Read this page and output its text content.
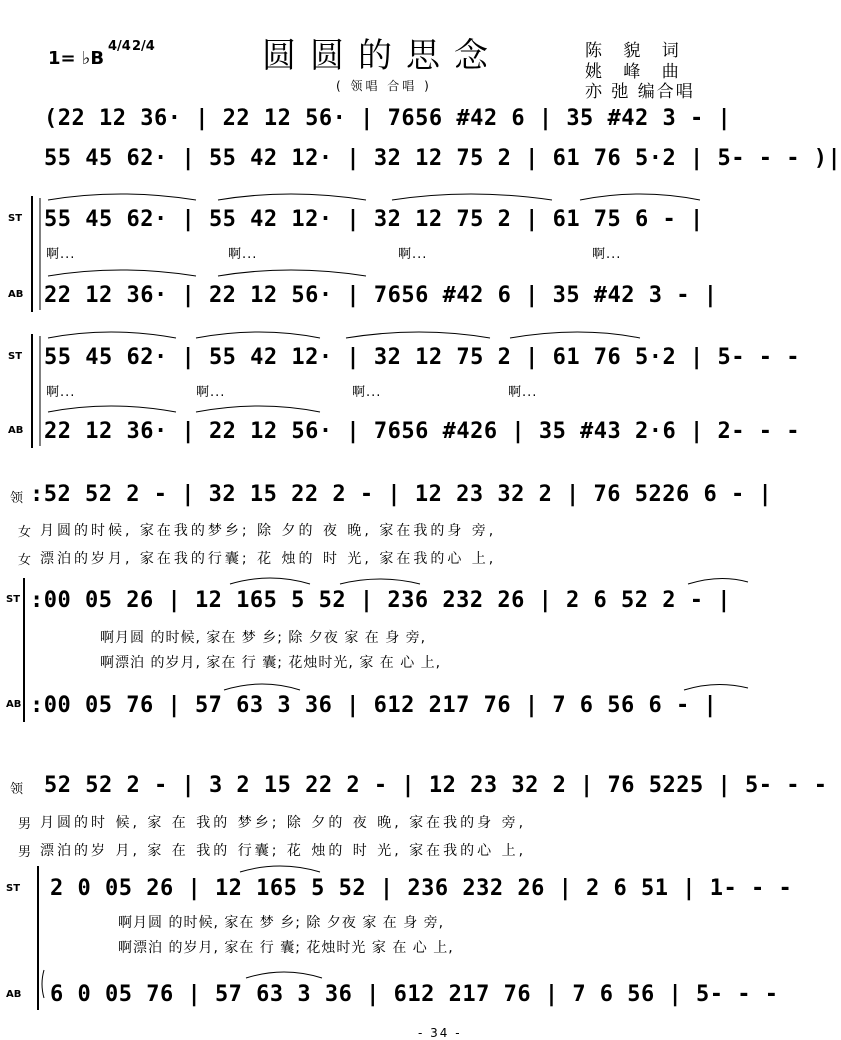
1= ♭B
4/4 2/4	圆圆的思念
( 领唱 合唱 )
陈 貌 词
姚 峰 曲
亦 弛 编合唱
(22 12 36· | 22 12 56· | 7656 #42 6 | 35 #42 3 - |
55 45 62· | 55 42 12· | 32 12 75 2 | 61 76 5·2 | 5- - - )|
ST 55 45 62· | 55 42 12· | 32 12 75 2 | 61 75 6 - |
啊...	啊...	啊...	啊...
AB 22 12 36· | 22 12 56· | 7656 #42 6 | 35 #42 3 - |
ST 55 45 62· | 55 42 12· | 32 12 75 2 | 61 76 5·2 | 5- - -
啊...	啊...	啊...	啊...
AB 22 12 36· | 22 12 56· | 7656 #426 | 35 #43 2·6 | 2- - -
领 :52 52 2 - | 32 15 22 2 - | 12 23 32 2 | 76 5226 6 - |
女 月圆的时候, 家在我的梦乡; 除 夕的 夜 晚, 家在我的身 旁,
女 漂泊的岁月, 家在我的行囊; 花 烛的 时 光, 家在我的心 上,
ST :00 05 26 | 12 165 5 52 | 236 232 26 | 2 6 52 2 - |
啊月圆 的时候, 家在 梦 乡; 除 夕夜 家 在 身 旁,
啊漂泊 的岁月, 家在 行 囊; 花烛时光, 家 在 心 上,
AB :00 05 76 | 57 63 3 36 | 612 217 76 | 7 6 56 6 - |
领 52 52 2 - | 3 2 15 22 2 - | 12 23 32 2 | 76 5225 | 5- - -
男 月圆的时 候, 家 在 我的 梦乡; 除 夕的 夜 晚, 家在我的身 旁,
男 漂泊的岁 月, 家 在 我的 行囊; 花 烛的 时 光, 家在我的心 上,
ST 2 0 05 26 | 12 165 5 52 | 236 232 26 | 2 6 51 | 1- - -
啊月圆 的时候, 家在 梦 乡; 除 夕夜 家 在 身 旁,
啊漂泊 的岁月, 家在 行 囊; 花烛时光 家 在 心 上,
AB 6 0 05 76 | 57 63 3 36 | 612 217 76 | 7 6 56 | 5- - -
- 34 -
